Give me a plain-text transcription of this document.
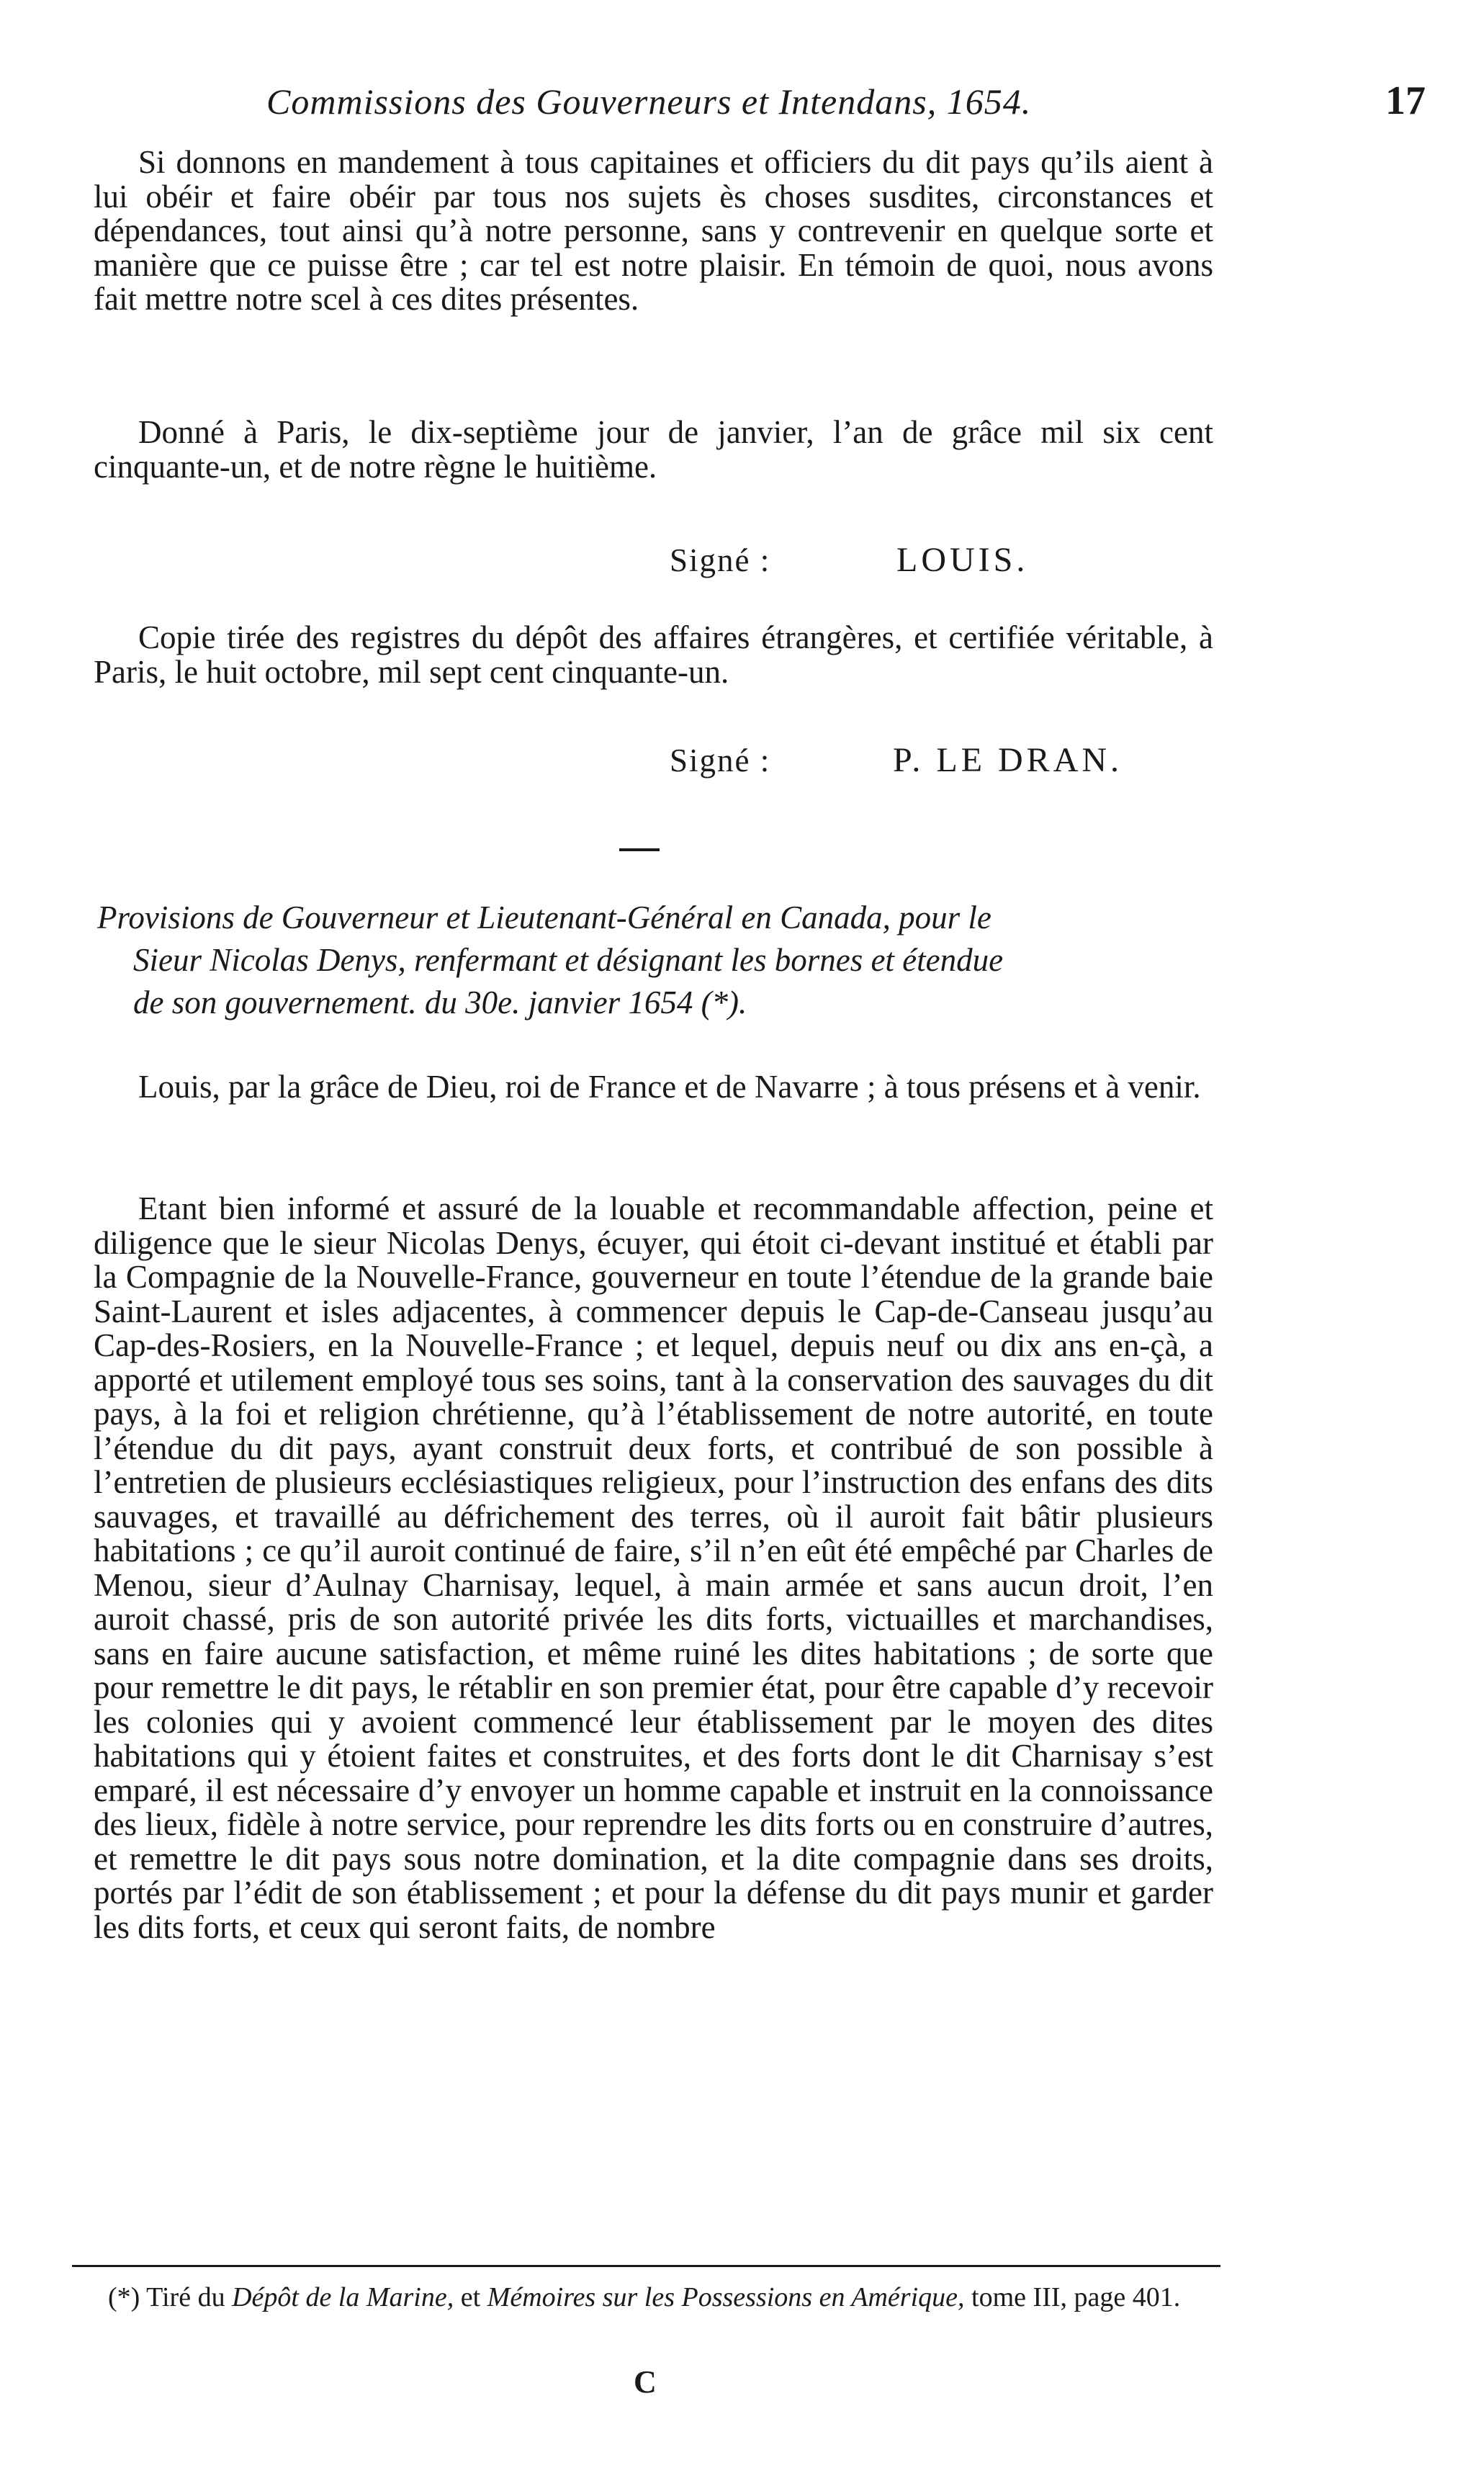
Commissions des Gouverneurs et Intendans, 1654.	17

Si donnons en mandement à tous capitaines et officiers du dit pays qu’ils aient à lui obéir et faire obéir par tous nos sujets ès choses susdites, circonstances et dépendances, tout ainsi qu’à notre personne, sans y contrevenir en quelque sorte et manière que ce puisse être ; car tel est notre plaisir. En témoin de quoi, nous avons fait mettre notre scel à ces dites présentes.

Donné à Paris, le dix-septième jour de janvier, l’an de grâce mil six cent cinquante-un, et de notre règne le huitième.

Signé :	LOUIS.

Copie tirée des registres du dépôt des affaires étrangères, et certifiée véritable, à Paris, le huit octobre, mil sept cent cinquante-un.

Signé :	P. LE DRAN.
Provisions de Gouverneur et Lieutenant-Général en Canada, pour le
Sieur Nicolas Denys, renfermant et désignant les bornes et étendue
de son gouvernement. du 30e. janvier 1654 (*).

Louis, par la grâce de Dieu, roi de France et de Navarre ; à tous présens et à venir.

Etant bien informé et assuré de la louable et recommandable affection, peine et diligence que le sieur Nicolas Denys, écuyer, qui étoit ci-devant institué et établi par la Compagnie de la Nouvelle-France, gouverneur en toute l’étendue de la grande baie Saint-Laurent et isles adjacentes, à commencer depuis le Cap-de-Canseau jusqu’au Cap-des-Rosiers, en la Nouvelle-France ; et lequel, depuis neuf ou dix ans en-çà, a apporté et utilement employé tous ses soins, tant à la conservation des sauvages du dit pays, à la foi et religion chrétienne, qu’à l’établissement de notre autorité, en toute l’étendue du dit pays, ayant construit deux forts, et contribué de son possible à l’entretien de plusieurs ecclésiastiques religieux, pour l’instruction des enfans des dits sauvages, et travaillé au défrichement des terres, où il auroit fait bâtir plusieurs habitations ; ce qu’il auroit continué de faire, s’il n’en eût été empêché par Charles de Menou, sieur d’Aulnay Charnisay, lequel, à main armée et sans aucun droit, l’en auroit chassé, pris de son autorité privée les dits forts, victuailles et marchandises, sans en faire aucune satisfaction, et même ruiné les dites habitations ; de sorte que pour remettre le dit pays, le rétablir en son premier état, pour être capable d’y recevoir les colonies qui y avoient commencé leur établissement par le moyen des dites habitations qui y étoient faites et construites, et des forts dont le dit Charnisay s’est emparé, il est nécessaire d’y envoyer un homme capable et instruit en la connoissance des lieux, fidèle à notre service, pour reprendre les dits forts ou en construire d’autres, et remettre le dit pays sous notre domination, et la dite compagnie dans ses droits, portés par l’édit de son établissement ; et pour la défense du dit pays munir et garder les dits forts, et ceux qui seront faits, de nombre

(*) Tiré du Dépôt de la Marine, et Mémoires sur les Possessions en Amérique, tome III, page 401.

C
